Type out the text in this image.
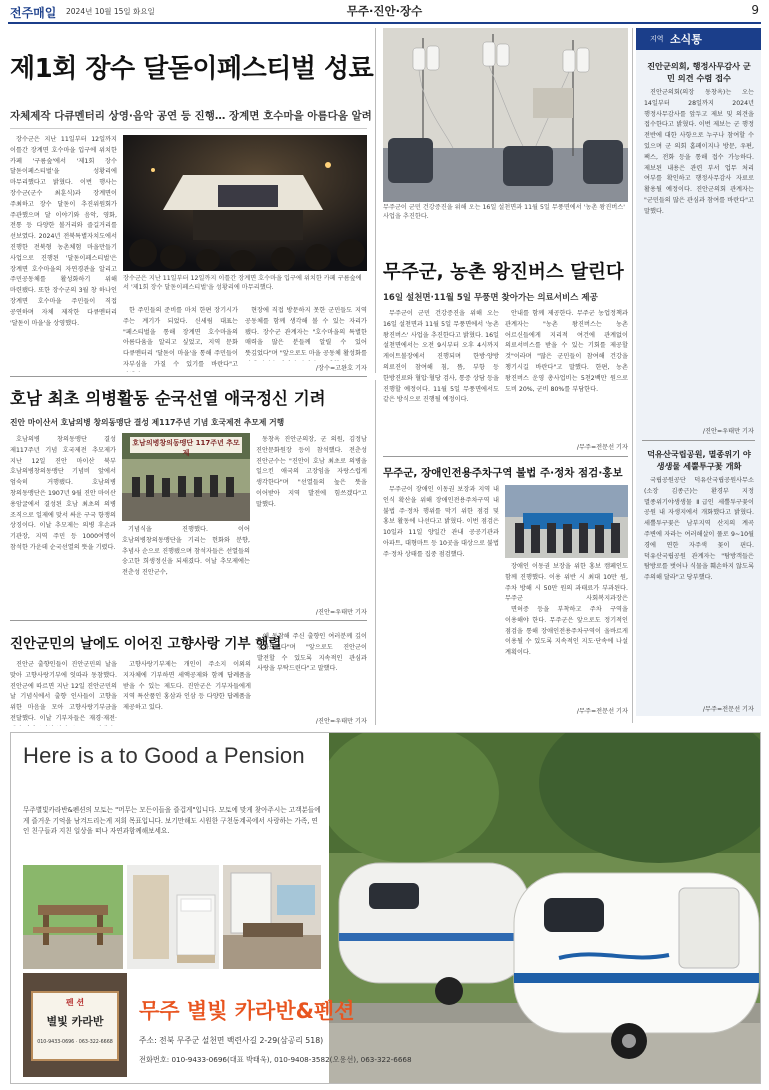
전주매일 2024년 10월 15일 화요일	무주·진안·장수	9
제1회 장수 달돋이페스티벌 성료
자체제작 다큐멘터리 상영·음악 공연 등 진행… 장계면 호수마을 아름다움 알려

장수군은 지난 11일부터 12일까지 이틀간 장계면 호수마을 입구에 위치한 카페 '구름숲'에서 '제1회 장수 달돋이페스티벌'을 성황리에 마무리했다고 밝혔다. 이번 행사는 장수군(군수 최훈식)과 장계면이 주최하고 장수 달돋이 추진위원회가 주관했으며 달 이야기와 음악, 영화, 전통 등 다양한 볼거리와 즐길거리를 선보였다. 2024년 전북특별자치도에서 진행한 전북형 농촌체험 마을만들기 사업으로 진행된 '달돋이페스티벌'은 장계면 호수마을의 자연경관을 알리고 주민공동체를 활성화하기 위해 마련됐다. 또한 장수군의 3월 창 하나인 장계면 호수마을 주민들이 직접 공연하며 자체 제작한 다큐멘터리 '달돋이 마을'을 상영했다.

장수군은 지난 11일부터 12일까지 이틀간 장계면 호수마을 입구에 위치한 카페 구름숲에서 '제1회 장수 달돋이페스티벌'을 성황리에 마무리했다.

한 주민들의 준비를 마치 한편 장기시가 주는 계기가 되었다. 신세림 대표는 "페스티벌을 통해 장계면 호수마을의 아름다움을 알리고 싶었고, 지역 문화 다큐멘터리 '달돋이 마을'을 통해 주민들이 자부심을 가질 수 있기를 바란다"고

현장에 직접 방문하지 못한 군민들도 지역 공동체를 함께 생각해 볼 수 있는 자리가 됐다. 장수군 관계자는 "호수마을의 특별한 매력을 많은 분들께 알릴 수 있어 뜻깊었다"며 "앞으로도 마을 공동체 활성화를

/장수=고완호 기자
무주군이 군민 건강증진을 위해 오는 16일 설천면과 11월 5일 무풍면에서 '농촌 왕진버스' 사업을 추진한다.
무주군, 농촌 왕진버스 달린다
16일 설천면·11월 5일 무풍면 찾아가는 의료서비스 제공

무주군이 군민 건강증진을 위해 오는 16일 설천면과 11월 5일 무풍면에서 '농촌 왕진버스' 사업을 추진한다고 밝혔다. 16일 설천면에서는 오전 9시부터 오후 4시까지 게이트볼장에서 진행되며 한방·양방 의료진이 참여해 침, 뜸, 부항 등 한방진료와 혈압·혈당 검사, 통증 상담 등을 진행할 예정이다. 11월 5일 무풍면에서도 같은 방식으로 진행될 예정이다.

안내를 함께 제공한다. 무주군 농업정책과 관계자는 "농촌 왕진버스는 농촌 어르신들에게 지리적 여건에 관계없이 의료서비스를 받을 수 있는 기회를 제공할 것"이라며 "많은 군민들이 참여해 건강을 챙기시길 바란다"고 말했다. 한편, 농촌 왕진버스 운영 총사업비는 5천2백만 원으로 도비 20%, 군비 80%를 부담한다.

/무주=전문선 기자
지역 소식통
진안군의회, 행정사무감사 군민 의견 수렴 접수

진안군의회(의장 동창옥)는 오는 14일부터 28일까지 2024년 행정사무감사를 앞두고 제보 및 의견을 접수한다고 밝혔다. 이번 제보는 군 행정 전반에 대한 사항으로 누구나 참여할 수 있으며 군 의회 홈페이지나 방문, 우편, 팩스, 전화 등을 통해 접수 가능하다. 제보된 내용은 관련 부서 업무 처리 여부를 확인하고 행정사무감사 자료로 활용될 예정이다. 진안군의회 관계자는 "군민들의 많은 관심과 참여를 바란다"고 말했다.

/진안=우태만 기자
덕유산국립공원, 멸종위기 야생생물 세뿔투구꽃 개화

국립공원공단 덕유산국립공원사무소(소장 김종근)는 환경부 지정 멸종위기야생생물 Ⅱ급인 세뿔투구꽃이 공원 내 자생지에서 개화했다고 밝혔다. 세뿔투구꽃은 남부지역 산지의 계곡 주변에 자라는 여러해살이 풀로 9~10월 경에 연한 자주색 꽃이 핀다. 덕유산국립공원 관계자는 "탐방객들은 탐방로를 벗어나 식물을 훼손하지 않도록 주의해 달라"고 당부했다.

/무주=전문선 기자
호남 최초 의병활동 순국선열 애국정신 기려
진안 마이산서 호남의병 창의동맹단 결성 제117주년 기념 호국제전 추모제 거행

호남의병 창의동맹단 결성 제117주년 기념 호국제전 추모제가 지난 12일 진안 마이산 북부 호남의병창의동맹단 기념비 앞에서 엄숙히 거행됐다. 호남의병 창의동맹단은 1907년 9월 진안 마이산 용암굴에서 결성된 호남 최초의 의병 조직으로 일제에 맞서 싸운 구국 항쟁의 상징이다. 이날 추모제는 의병 후손과 기관장, 지역 주민 등 1000여명이 참석한 가운데 순국선열의 뜻을 기렸다.

호남의병창의동맹단 117주년 추모제

기념식을 진행했다. 이어 호남의병창의동맹단을 기리는 헌화와 분향, 추념사 순으로 진행됐으며 참석자들은 선열들의 숭고한 희생정신을 되새겼다. 이날 추모제에는 전춘성 진안군수,

동창옥 진안군의장, 군 의원, 김정남 진안문화원장 등이 참석했다. 전춘성 진안군수는 "진안이 호남 최초로 의병을 일으킨 애국의 고장임을 자랑스럽게 생각한다"며 "선열들의 높은 뜻을 이어받아 지역 발전에 힘쓰겠다"고 말했다.

/진안=우태만 기자
무주군, 장애인전용주차구역 불법 주·정차 점검·홍보

무주군이 장애인 이동권 보장과 지역 내 인식 확산을 위해 장애인전용주차구역 내 불법 주·정차 행위를 막기 위한 점검 및 홍보 활동에 나선다고 밝혔다. 이번 점검은 10일과 11일 양일간 관내 공공기관과 아파트, 대형마트 등 10곳을 대상으로 불법 주·정차 상태를 집중 점검했다.

장애인 이동권 보장을 위한 홍보 캠페인도 함께 진행했다. 이용 위반 시 최대 10만 원, 주차 방해 시 50만 원의 과태료가 부과된다. 무주군 사회복지과장은

면허증 등을 부착하고 주차 구역을 이용해야 한다. 무주군은 앞으로도 정기적인 점검을 통해 장애인전용주차구역이 올바르게 이용될 수 있도록 지속적인 지도·단속에 나설 계획이다.

/무주=전문선 기자
진안군민의 날에도 이어진 고향사랑 기부 행렬

진안군 출향인들이 진안군민의 날을 맞아 고향사랑기부에 잇따라 동참했다. 진안군에 따르면 지난 12일 진안군민의 날 기념식에서 출향 인사들이 고향을 위한 마음을 모아 고향사랑기부금을 전달했다. 이날 기부자들은 재경·재전·

고향사랑기부제는 개인이 주소지 이외의 지자체에 기부하면 세액공제와 함께 답례품을 받을 수 있는 제도다. 진안군은 기부자들에게 지역 특산품인 홍삼과 인삼 등 다양한 답례품을 제공하고 있다.

에 동참해 주신 출향인 여러분께 깊이 감사드린다"며 "앞으로도 진안군이 발전할 수 있도록 지속적인 관심과 사랑을 부탁드린다"고 말했다.

/진안=우태만 기자
Here is a to Good a Pension
무주별빛카라반&펜션의 모토는 "머무는 모든이들을 즐겁게"입니다. 모토에 맞게 찾아주시는 고객분들에게 즐거운 기억을 남겨드리는게 저희 목표입니다. 보기만해도 시원한 구천동계곡에서 사랑하는 가족, 연인 친구들과 지친 일상을 떠나 자연과함께해보세요.
펜 션
별빛 카라반
010-9433-0696 · 063-322-6668
무주 별빛 카라반&펜션
주소: 전북 무주군 설천면 백련사길 2-29(삼공리 518)
전화번호: 010-9433-0696(대표 박태욱), 010-9408-3582(오용선), 063-322-6668
